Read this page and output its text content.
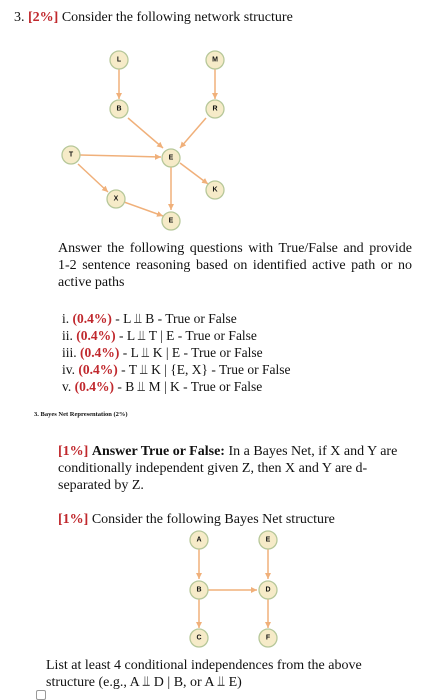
3. [2%] Consider the following network structure
L	M
B	R
T	E
X
K
E
A	E
B	D
C	F
Answer the following questions with True/False and provide 1-2 sentence reasoning based on identified active path or no active paths
i. (0.4%) - L ⫫ B - True or False
ii. (0.4%) - L ⫫ T | E - True or False
iii. (0.4%) - L ⫫ K | E - True or False
iv. (0.4%) - T ⫫ K | {E, X} - True or False
v. (0.4%) - B ⫫ M | K - True or False
3. Bayes Net Representation (2%)
[1%] Answer True or False: In a Bayes Net, if X and Y are conditionally independent given Z, then X and Y are d-separated by Z.
[1%] Consider the following Bayes Net structure
List at least 4 conditional independences from the above structure (e.g., A ⫫ D | B, or A ⫫ E)
